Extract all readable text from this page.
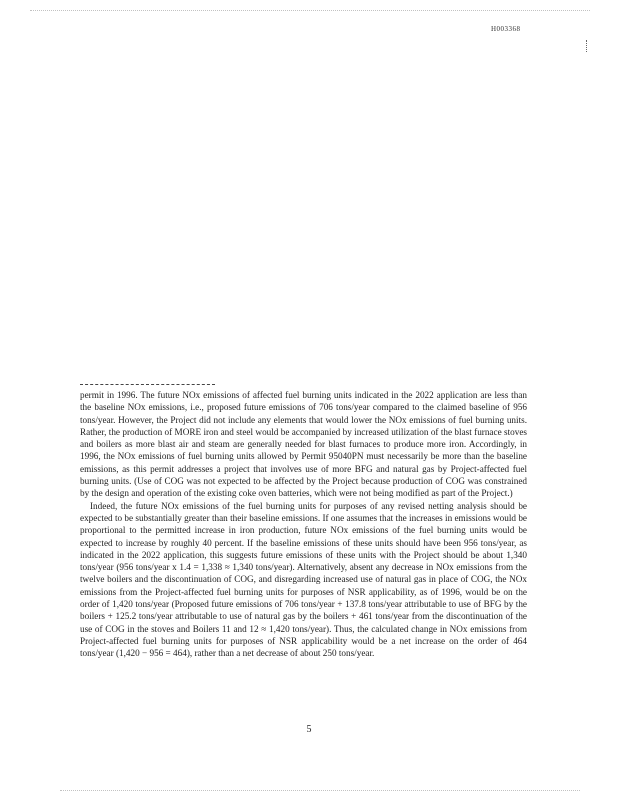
H003368

permit in 1996. The future NOx emissions of affected fuel burning units indicated in the 2022 application are less than the baseline NOx emissions, i.e., proposed future emissions of 706 tons/year compared to the claimed baseline of 956 tons/year. However, the Project did not include any elements that would lower the NOx emissions of fuel burning units. Rather, the production of MORE iron and steel would be accompanied by increased utilization of the blast furnace stoves and boilers as more blast air and steam are generally needed for blast furnaces to produce more iron. Accordingly, in 1996, the NOx emissions of fuel burning units allowed by Permit 95040PN must necessarily be more than the baseline emissions, as this permit addresses a project that involves use of more BFG and natural gas by Project-affected fuel burning units. (Use of COG was not expected to be affected by the Project because production of COG was constrained by the design and operation of the existing coke oven batteries, which were not being modified as part of the Project.)

Indeed, the future NOx emissions of the fuel burning units for purposes of any revised netting analysis should be expected to be substantially greater than their baseline emissions. If one assumes that the increases in emissions would be proportional to the permitted increase in iron production, future NOx emissions of the fuel burning units would be expected to increase by roughly 40 percent. If the baseline emissions of these units should have been 956 tons/year, as indicated in the 2022 application, this suggests future emissions of these units with the Project should be about 1,340 tons/year (956 tons/year x 1.4 = 1,338 ≈ 1,340 tons/year). Alternatively, absent any decrease in NOx emissions from the twelve boilers and the discontinuation of COG, and disregarding increased use of natural gas in place of COG, the NOx emissions from the Project-affected fuel burning units for purposes of NSR applicability, as of 1996, would be on the order of 1,420 tons/year (Proposed future emissions of 706 tons/year + 137.8 tons/year attributable to use of BFG by the boilers + 125.2 tons/year attributable to use of natural gas by the boilers + 461 tons/year from the discontinuation of the use of COG in the stoves and Boilers 11 and 12 ≈ 1,420 tons/year). Thus, the calculated change in NOx emissions from Project-affected fuel burning units for purposes of NSR applicability would be a net increase on the order of 464 tons/year (1,420 − 956 = 464), rather than a net decrease of about 250 tons/year.

5
